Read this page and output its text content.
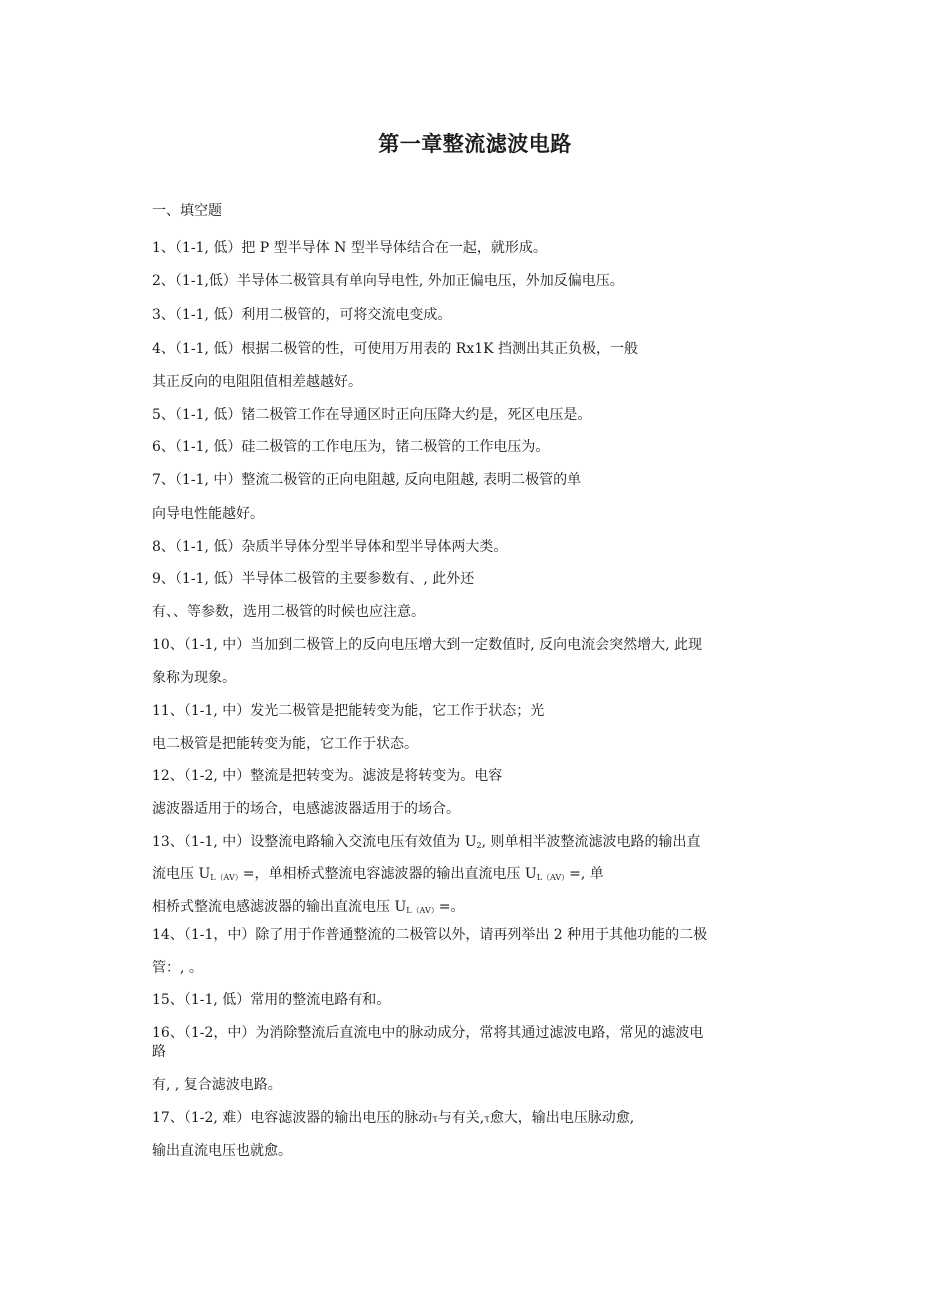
第一章整流滤波电路
一、填空题
1、（1-1, 低）把 P 型半导体 N 型半导体结合在一起，就形成。
2、（1-1,低）半导体二极管具有单向导电性, 外加正偏电压，外加反偏电压。
3、（1-1, 低）利用二极管的，可将交流电变成。
4、（1-1, 低）根据二极管的性，可使用万用表的 Rx1K 挡测出其正负极，一般
其正反向的电阻阻值相差越越好。
5、（1-1, 低）锗二极管工作在导通区时正向压降大约是，死区电压是。
6、（1-1, 低）硅二极管的工作电压为，锗二极管的工作电压为。
7、（1-1, 中）整流二极管的正向电阻越, 反向电阻越, 表明二极管的单
向导电性能越好。
8、（1-1, 低）杂质半导体分型半导体和型半导体两大类。
9、（1-1, 低）半导体二极管的主要参数有、, 此外还
有、、等参数，选用二极管的时候也应注意。
10、（1-1, 中）当加到二极管上的反向电压增大到一定数值时, 反向电流会突然增大, 此现
象称为现象。
11、（1-1, 中）发光二极管是把能转变为能，它工作于状态；光
电二极管是把能转变为能，它工作于状态。
12、（1-2, 中）整流是把转变为。滤波是将转变为。电容
滤波器适用于的场合，电感滤波器适用于的场合。
13、（1-1, 中）设整流电路输入交流电压有效值为 $U_2$, 则单相半波整流滤波电路的输出直
流电压 $U_{L(AV)}=$，单相桥式整流电容滤波器的输出直流电压 $U_{L(AV)}=$, 单
相桥式整流电感滤波器的输出直流电压 $U_{L(AV)}=$。
14、（1-1，中）除了用于作普通整流的二极管以外，请再列举出 2 种用于其他功能的二极
管：, 。
15、（1-1, 低）常用的整流电路有和。
16、（1-2，中）为消除整流后直流电中的脉动成分，常将其通过滤波电路，常见的滤波电
路
有, , 复合滤波电路。
17、（1-2, 难）电容滤波器的输出电压的脉动τ与有关,τ愈大，输出电压脉动愈,
输出直流电压也就愈。
